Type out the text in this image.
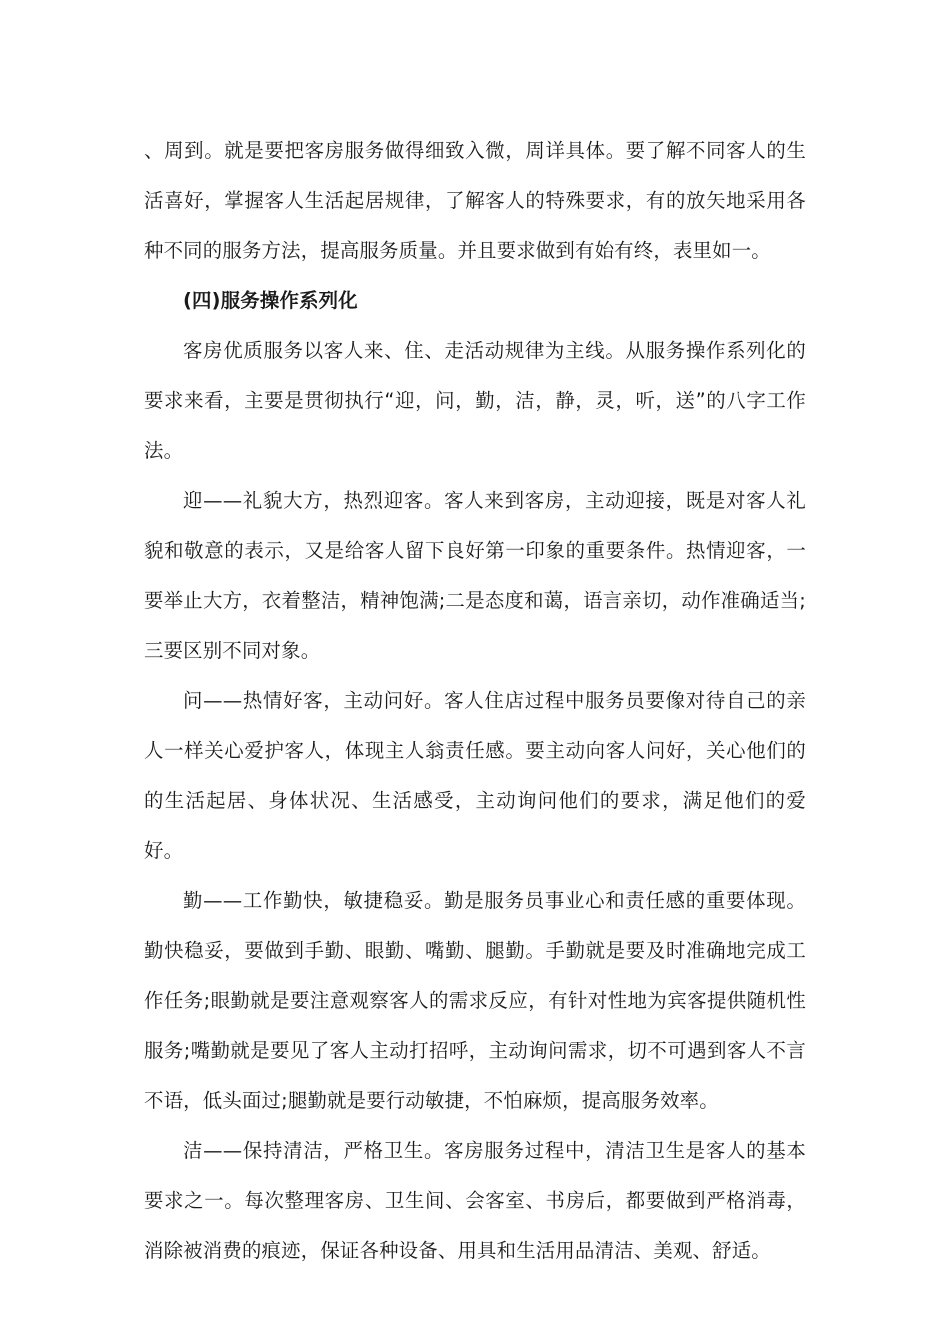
、周到。就是要把客房服务做得细致入微，周详具体。要了解不同客人的生活喜好，掌握客人生活起居规律，了解客人的特殊要求，有的放矢地采用各种不同的服务方法，提高服务质量。并且要求做到有始有终，表里如一。

(四)服务操作系列化

客房优质服务以客人来、住、走活动规律为主线。从服务操作系列化的要求来看，主要是贯彻执行“迎，问，勤，洁，静，灵，听，送”的八字工作法。

迎——礼貌大方，热烈迎客。客人来到客房，主动迎接，既是对客人礼貌和敬意的表示，又是给客人留下良好第一印象的重要条件。热情迎客，一要举止大方，衣着整洁，精神饱满;二是态度和蔼，语言亲切，动作准确适当;三要区别不同对象。

问——热情好客，主动问好。客人住店过程中服务员要像对待自己的亲人一样关心爱护客人，体现主人翁责任感。要主动向客人问好，关心他们的的生活起居、身体状况、生活感受，主动询问他们的要求，满足他们的爱好。

勤——工作勤快，敏捷稳妥。勤是服务员事业心和责任感的重要体现。勤快稳妥，要做到手勤、眼勤、嘴勤、腿勤。手勤就是要及时准确地完成工作任务;眼勤就是要注意观察客人的需求反应，有针对性地为宾客提供随机性服务;嘴勤就是要见了客人主动打招呼，主动询问需求，切不可遇到客人不言不语，低头面过;腿勤就是要行动敏捷，不怕麻烦，提高服务效率。

洁——保持清洁，严格卫生。客房服务过程中，清洁卫生是客人的基本要求之一。每次整理客房、卫生间、会客室、书房后，都要做到严格消毒，消除被消费的痕迹，保证各种设备、用具和生活用品清洁、美观、舒适。
